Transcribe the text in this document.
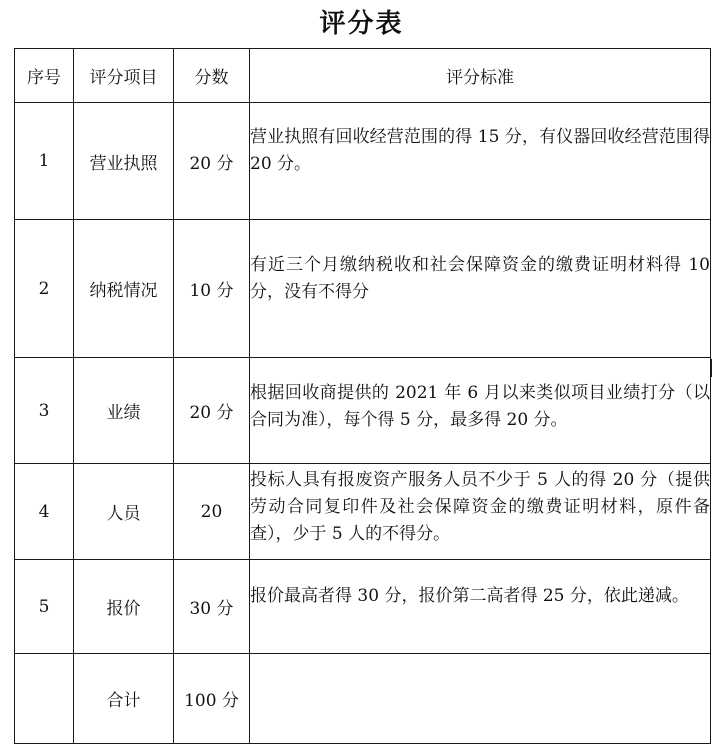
评分表
序号	评分项目	分数	评分标准
1	营业执照	20 分	营业执照有回收经营范围的得 15 分，有仪器回收经营范围得 20 分。

2	纳税情况	10 分	有近三个月缴纳税收和社会保障资金的缴费证明材料得 10 分，没有不得分

3	业绩	20 分	根据回收商提供的 2021 年 6 月以来类似项目业绩打分（以合同为准），每个得 5 分，最多得 20 分。

4	人员	20	投标人具有报废资产服务人员不少于 5 人的得 20 分（提供劳动合同复印件及社会保障资金的缴费证明材料，原件备查），少于 5 人的不得分。

5	报价	30 分	报价最高者得 30 分，报价第二高者得 25 分，依此递减。

	合计	100 分	
